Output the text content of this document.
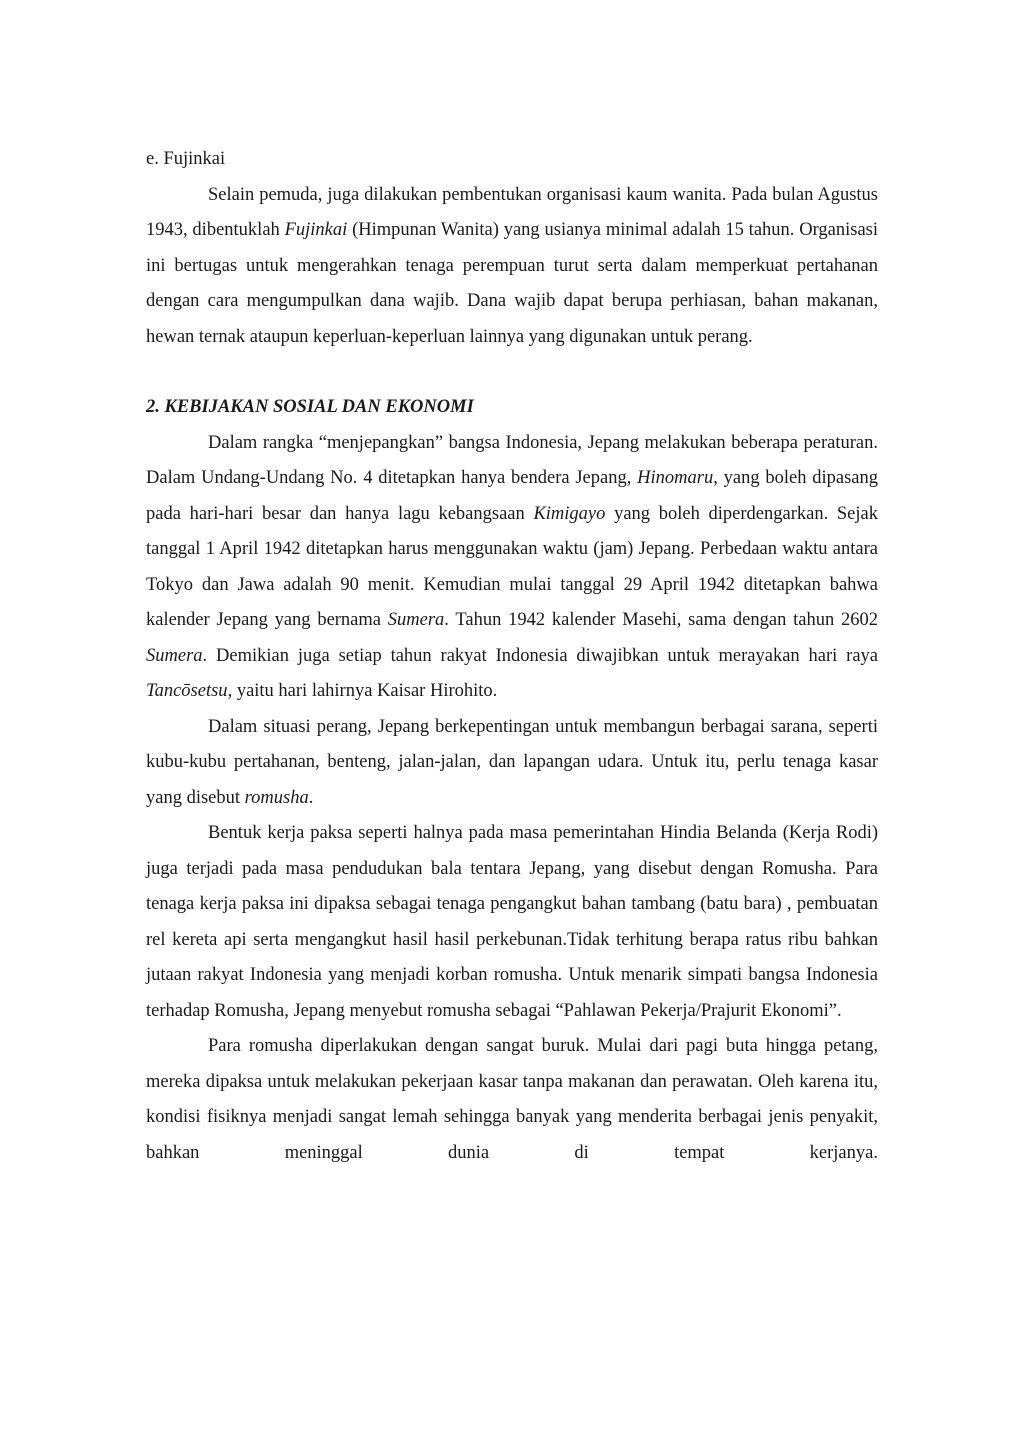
e. Fujinkai

Selain pemuda, juga dilakukan pembentukan organisasi kaum wanita. Pada bulan Agustus 1943, dibentuklah Fujinkai (Himpunan Wanita) yang usianya minimal adalah 15 tahun. Organisasi ini bertugas untuk mengerahkan tenaga perempuan turut serta dalam memperkuat pertahanan dengan cara mengumpulkan dana wajib. Dana wajib dapat berupa perhiasan, bahan makanan, hewan ternak ataupun keperluan-keperluan lainnya yang digunakan untuk perang.

2. KEBIJAKAN SOSIAL DAN EKONOMI

Dalam rangka “menjepangkan” bangsa Indonesia, Jepang melakukan beberapa peraturan. Dalam Undang-Undang No. 4 ditetapkan hanya bendera Jepang, Hinomaru, yang boleh dipasang pada hari-hari besar dan hanya lagu kebangsaan Kimigayo yang boleh diperdengarkan. Sejak tanggal 1 April 1942 ditetapkan harus menggunakan waktu (jam) Jepang. Perbedaan waktu antara Tokyo dan Jawa adalah 90 menit. Kemudian mulai tanggal 29 April 1942 ditetapkan bahwa kalender Jepang yang bernama Sumera. Tahun 1942 kalender Masehi, sama dengan tahun 2602 Sumera. Demikian juga setiap tahun rakyat Indonesia diwajibkan untuk merayakan hari raya Tancōsetsu, yaitu hari lahirnya Kaisar Hirohito.

Dalam situasi perang, Jepang berkepentingan untuk membangun berbagai sarana, seperti kubu-kubu pertahanan, benteng, jalan-jalan, dan lapangan udara. Untuk itu, perlu tenaga kasar yang disebut romusha.

Bentuk kerja paksa seperti halnya pada masa pemerintahan Hindia Belanda (Kerja Rodi) juga terjadi pada masa pendudukan bala tentara Jepang, yang disebut dengan Romusha. Para tenaga kerja paksa ini dipaksa sebagai tenaga pengangkut bahan tambang (batu bara) , pembuatan rel kereta api serta mengangkut hasil hasil perkebunan.Tidak terhitung berapa ratus ribu bahkan jutaan rakyat Indonesia yang menjadi korban romusha. Untuk menarik simpati bangsa Indonesia terhadap Romusha, Jepang menyebut romusha sebagai “Pahlawan Pekerja/Prajurit Ekonomi”.

Para romusha diperlakukan dengan sangat buruk. Mulai dari pagi buta hingga petang, mereka dipaksa untuk melakukan pekerjaan kasar tanpa makanan dan perawatan. Oleh karena itu, kondisi fisiknya menjadi sangat lemah sehingga banyak yang menderita berbagai jenis penyakit, bahkan meninggal dunia di tempat kerjanya.
